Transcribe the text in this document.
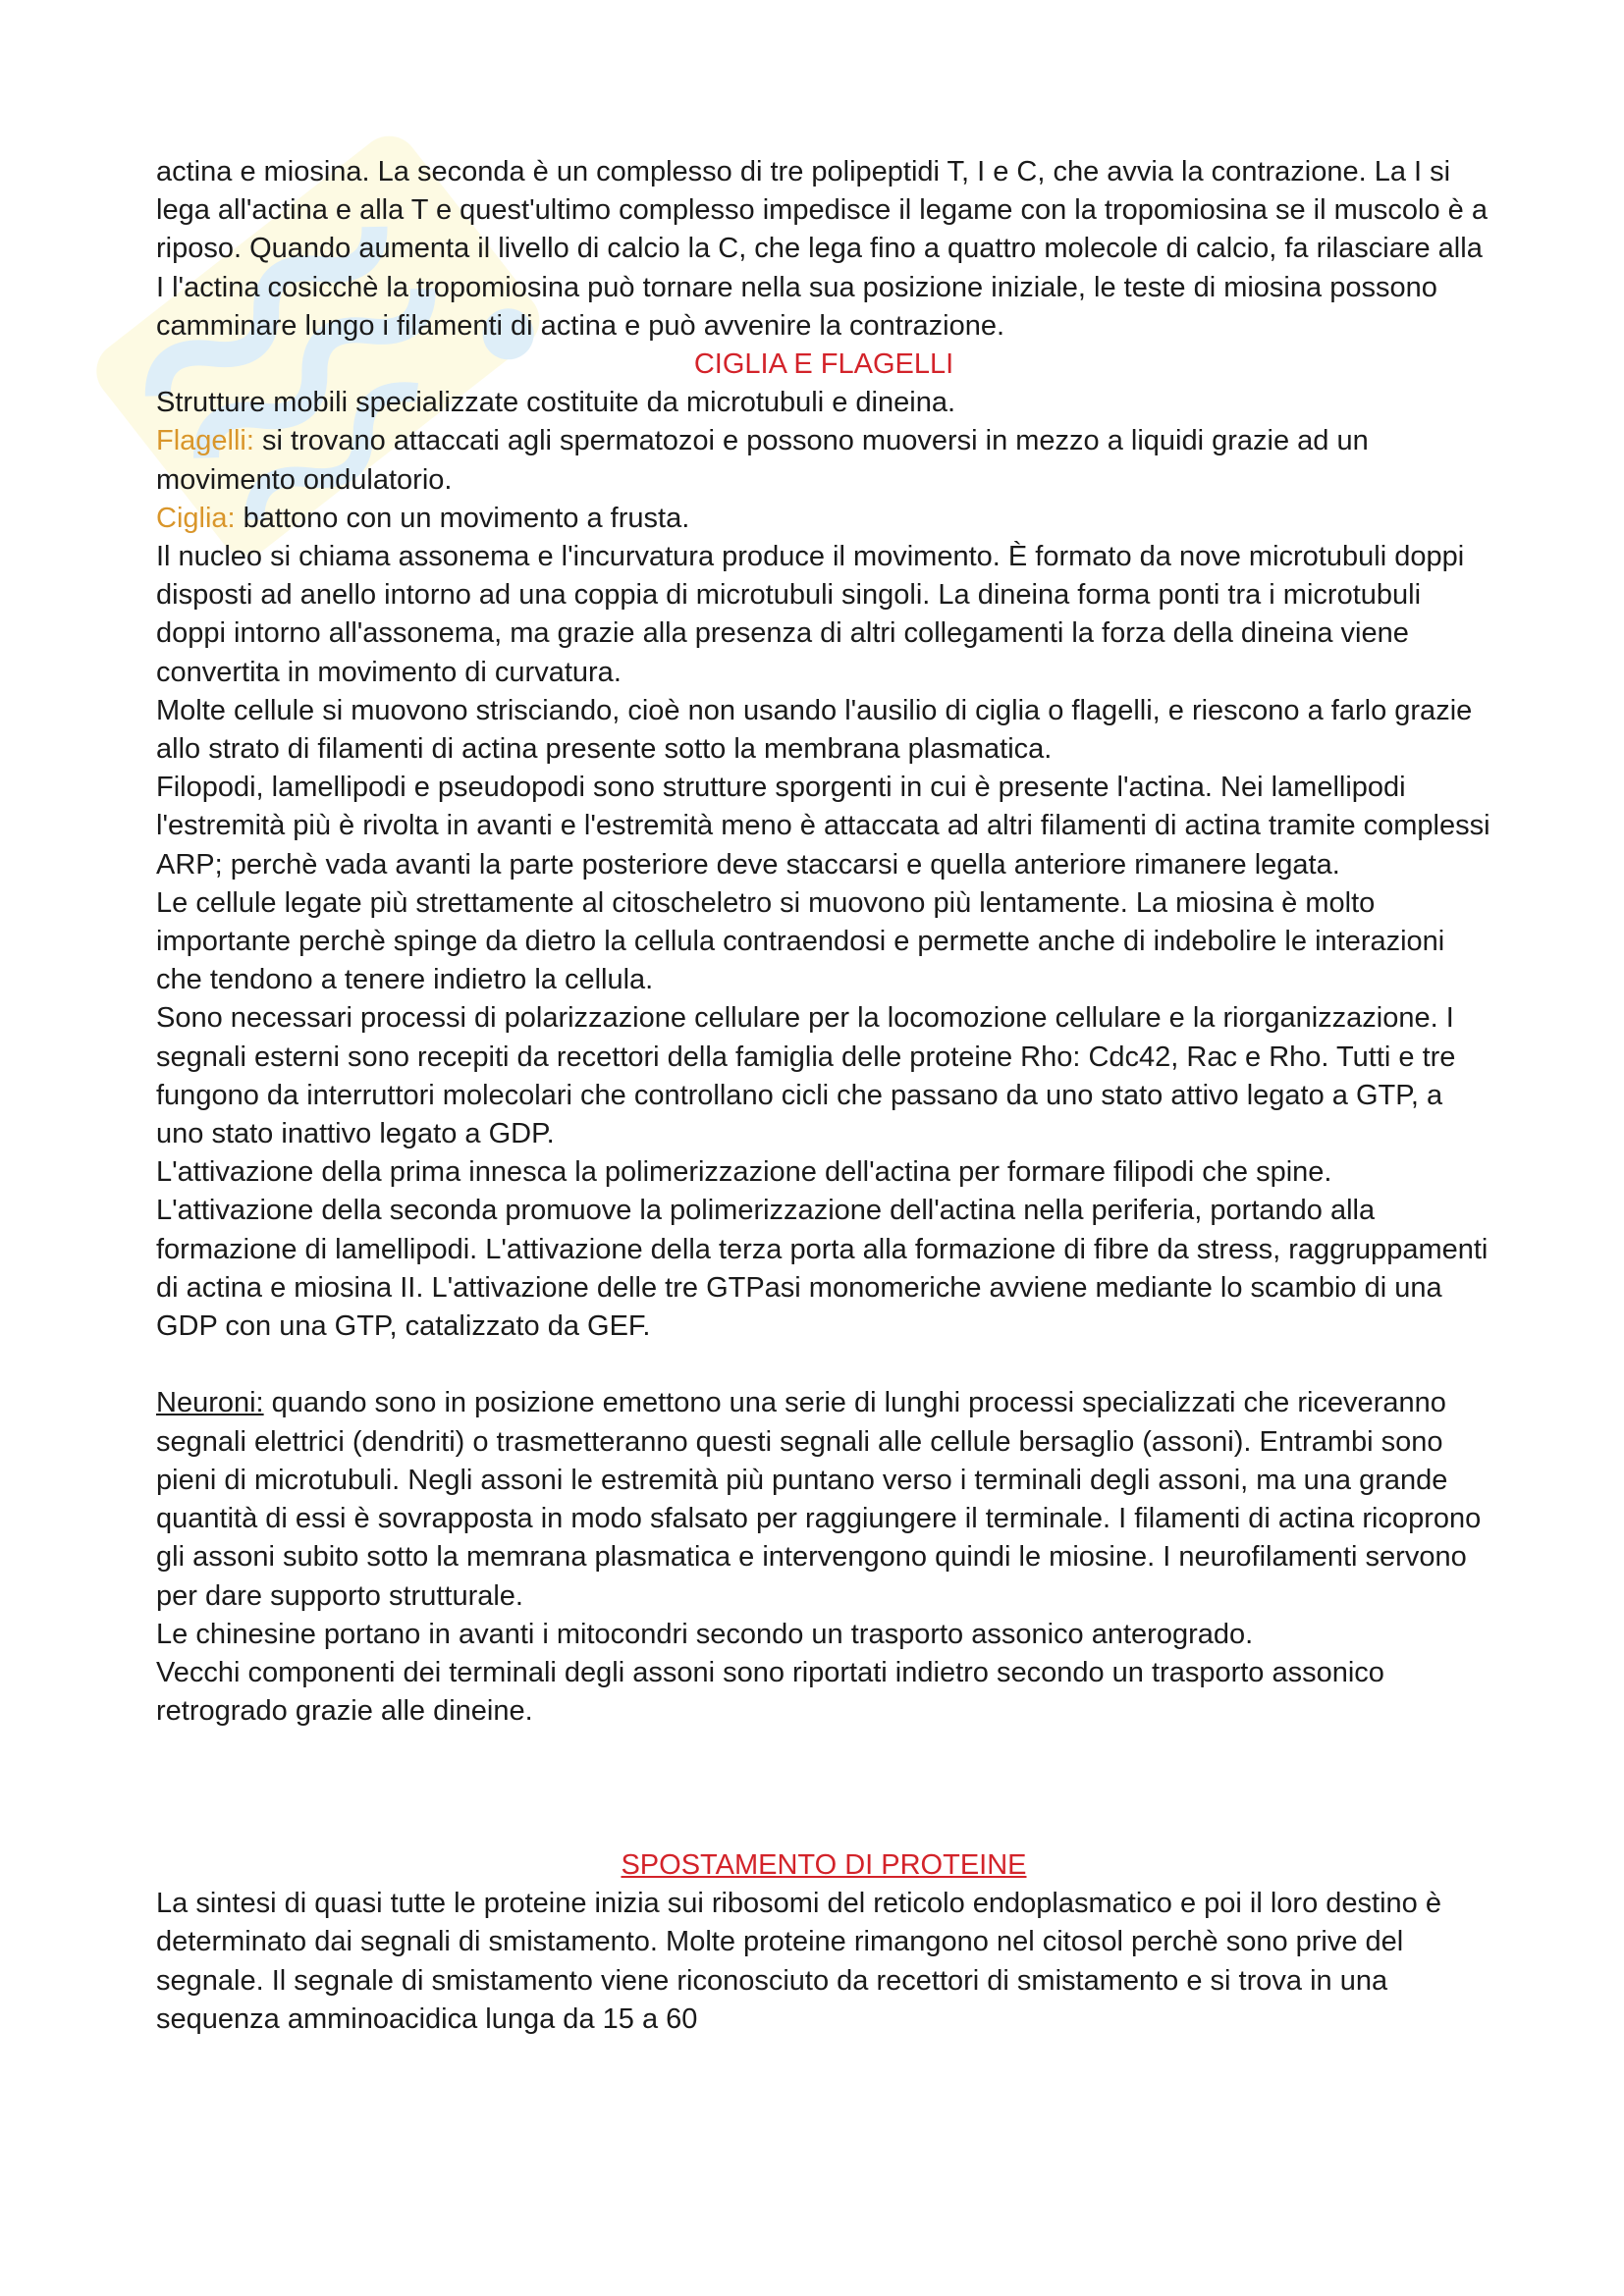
actina e miosina. La seconda è un complesso di tre polipeptidi T, I e C, che avvia la contrazione. La I si lega all'actina e alla T e quest'ultimo complesso impedisce il legame con la tropomiosina se il muscolo è a riposo. Quando aumenta il livello di calcio la C, che lega fino a quattro molecole di calcio, fa rilasciare alla I l'actina cosicchè la tropomiosina può tornare nella sua posizione iniziale, le teste di miosina possono camminare lungo i filamenti di actina e può avvenire la contrazione.

CIGLIA E FLAGELLI

Strutture mobili specializzate costituite da microtubuli e dineina.

Flagelli: si trovano attaccati agli spermatozoi e possono muoversi in mezzo a liquidi grazie ad un movimento ondulatorio.

Ciglia: battono con un movimento a frusta.

Il nucleo si chiama assonema e l'incurvatura produce il movimento. È formato da nove microtubuli doppi disposti ad anello intorno ad una coppia di microtubuli singoli. La dineina forma ponti tra i microtubuli doppi intorno all'assonema, ma grazie alla presenza di altri collegamenti la forza della dineina viene convertita in movimento di curvatura.

Molte cellule si muovono strisciando, cioè non usando l'ausilio di ciglia o flagelli, e riescono a farlo grazie allo strato di filamenti di actina presente sotto la membrana plasmatica.

Filopodi, lamellipodi e pseudopodi sono strutture sporgenti in cui è presente l'actina. Nei lamellipodi l'estremità più è rivolta in avanti e l'estremità meno è attaccata ad altri filamenti di actina tramite complessi ARP; perchè vada avanti la parte posteriore deve staccarsi e quella anteriore rimanere legata.

Le cellule legate più strettamente al citoscheletro si muovono più lentamente. La miosina è molto importante perchè spinge da dietro la cellula contraendosi e permette anche di indebolire le interazioni che tendono a tenere indietro la cellula.

Sono necessari processi di polarizzazione cellulare per la locomozione cellulare e la riorganizzazione. I segnali esterni sono recepiti da recettori della famiglia delle proteine Rho: Cdc42, Rac e Rho. Tutti e tre fungono da interruttori molecolari che controllano cicli che passano da uno stato attivo legato a GTP, a uno stato inattivo legato a GDP.

L'attivazione della prima innesca la polimerizzazione dell'actina per formare filipodi che spine. L'attivazione della seconda promuove la polimerizzazione dell'actina nella periferia, portando alla formazione di lamellipodi. L'attivazione della terza porta alla formazione di fibre da stress, raggruppamenti di actina e miosina II. L'attivazione delle tre GTPasi monomeriche avviene mediante lo scambio di una GDP con una GTP, catalizzato da GEF.

Neuroni: quando sono in posizione emettono una serie di lunghi processi specializzati che riceveranno segnali elettrici (dendriti) o trasmetteranno questi segnali alle cellule bersaglio (assoni). Entrambi sono pieni di microtubuli. Negli assoni le estremità più puntano verso i terminali degli assoni, ma una grande quantità di essi è sovrapposta in modo sfalsato per raggiungere il terminale. I filamenti di actina ricoprono gli assoni subito sotto la memrana plasmatica e intervengono quindi le miosine. I neurofilamenti servono per dare supporto strutturale.

Le chinesine portano in avanti i mitocondri secondo un trasporto assonico anterogrado.

Vecchi componenti dei terminali degli assoni sono riportati indietro secondo un trasporto assonico retrogrado grazie alle dineine.

SPOSTAMENTO DI PROTEINE

La sintesi di quasi tutte le proteine inizia sui ribosomi del reticolo endoplasmatico e poi il loro destino è determinato dai segnali di smistamento. Molte proteine rimangono nel citosol perchè sono prive del segnale. Il segnale di smistamento viene riconosciuto da recettori di smistamento e si trova in una sequenza amminoacidica lunga da 15 a 60
